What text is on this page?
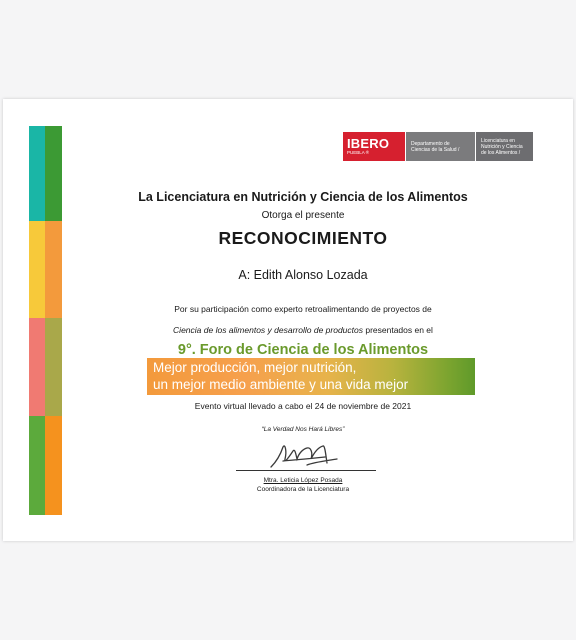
IBERO
PUEBLA ®
Departamento de Ciencias de la Salud /
Licenciatura en Nutrición y Ciencia de los Alimentos /
La Licenciatura en Nutrición y Ciencia de los Alimentos
Otorga el presente
RECONOCIMIENTO
A: Edith Alonso Lozada
Por su participación como experto retroalimentando de proyectos de
Ciencia de los alimentos y desarrollo de productos presentados en el
9°. Foro de Ciencia de los Alimentos
Mejor producción, mejor nutrición,
un mejor medio ambiente y una vida mejor
Evento virtual llevado a cabo el 24 de noviembre de 2021
“La Verdad Nos Hará Libres”
Mtra. Leticia López Posada
Coordinadora de la Licenciatura
